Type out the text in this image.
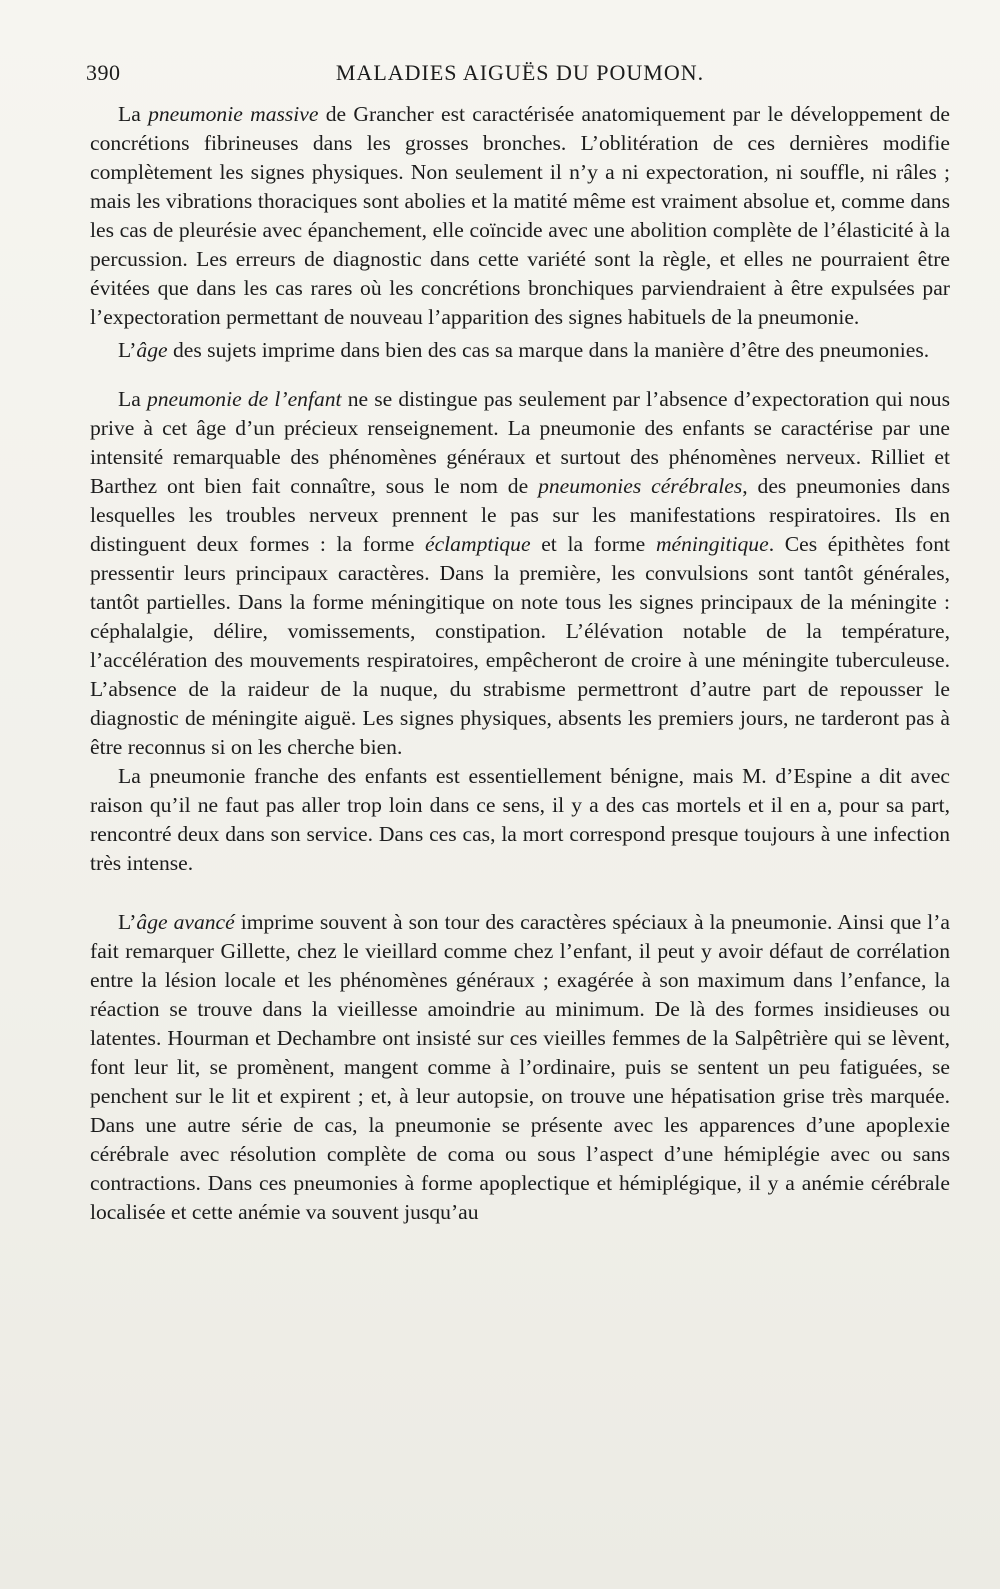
390	MALADIES AIGUËS DU POUMON.

La pneumonie massive de Grancher est caractérisée anatomiquement par le développement de concrétions fibrineuses dans les grosses bronches. L’oblitération de ces dernières modifie complètement les signes physiques. Non seulement il n’y a ni expectoration, ni souffle, ni râles ; mais les vibrations thoraciques sont abolies et la matité même est vraiment absolue et, comme dans les cas de pleurésie avec épanchement, elle coïncide avec une abolition complète de l’élasticité à la percussion. Les erreurs de diagnostic dans cette variété sont la règle, et elles ne pourraient être évitées que dans les cas rares où les concrétions bronchiques parviendraient à être expulsées par l’expectoration permettant de nouveau l’apparition des signes habituels de la pneumonie.

L’âge des sujets imprime dans bien des cas sa marque dans la manière d’être des pneumonies.

La pneumonie de l’enfant ne se distingue pas seulement par l’absence d’expectoration qui nous prive à cet âge d’un précieux renseignement. La pneumonie des enfants se caractérise par une intensité remarquable des phénomènes généraux et surtout des phénomènes nerveux. Rilliet et Barthez ont bien fait connaître, sous le nom de pneumonies cérébrales, des pneumonies dans lesquelles les troubles nerveux prennent le pas sur les manifestations respiratoires. Ils en distinguent deux formes : la forme éclamptique et la forme méningitique. Ces épithètes font pressentir leurs principaux caractères. Dans la première, les convulsions sont tantôt générales, tantôt partielles. Dans la forme méningitique on note tous les signes principaux de la méningite : céphalalgie, délire, vomissements, constipation. L’élévation notable de la température, l’accélération des mouvements respiratoires, empêcheront de croire à une méningite tuberculeuse. L’absence de la raideur de la nuque, du strabisme permettront d’autre part de repousser le diagnostic de méningite aiguë. Les signes physiques, absents les premiers jours, ne tarderont pas à être reconnus si on les cherche bien.

La pneumonie franche des enfants est essentiellement bénigne, mais M. d’Espine a dit avec raison qu’il ne faut pas aller trop loin dans ce sens, il y a des cas mortels et il en a, pour sa part, rencontré deux dans son service. Dans ces cas, la mort correspond presque toujours à une infection très intense.

L’âge avancé imprime souvent à son tour des caractères spéciaux à la pneumonie. Ainsi que l’a fait remarquer Gillette, chez le vieillard comme chez l’enfant, il peut y avoir défaut de corrélation entre la lésion locale et les phénomènes généraux ; exagérée à son maximum dans l’enfance, la réaction se trouve dans la vieillesse amoindrie au minimum. De là des formes insidieuses ou latentes. Hourman et Dechambre ont insisté sur ces vieilles femmes de la Salpêtrière qui se lèvent, font leur lit, se promènent, mangent comme à l’ordinaire, puis se sentent un peu fatiguées, se penchent sur le lit et expirent ; et, à leur autopsie, on trouve une hépatisation grise très marquée. Dans une autre série de cas, la pneumonie se présente avec les apparences d’une apoplexie cérébrale avec résolution complète de coma ou sous l’aspect d’une hémiplégie avec ou sans contractions. Dans ces pneumonies à forme apoplectique et hémiplégique, il y a anémie cérébrale localisée et cette anémie va souvent jusqu’au
